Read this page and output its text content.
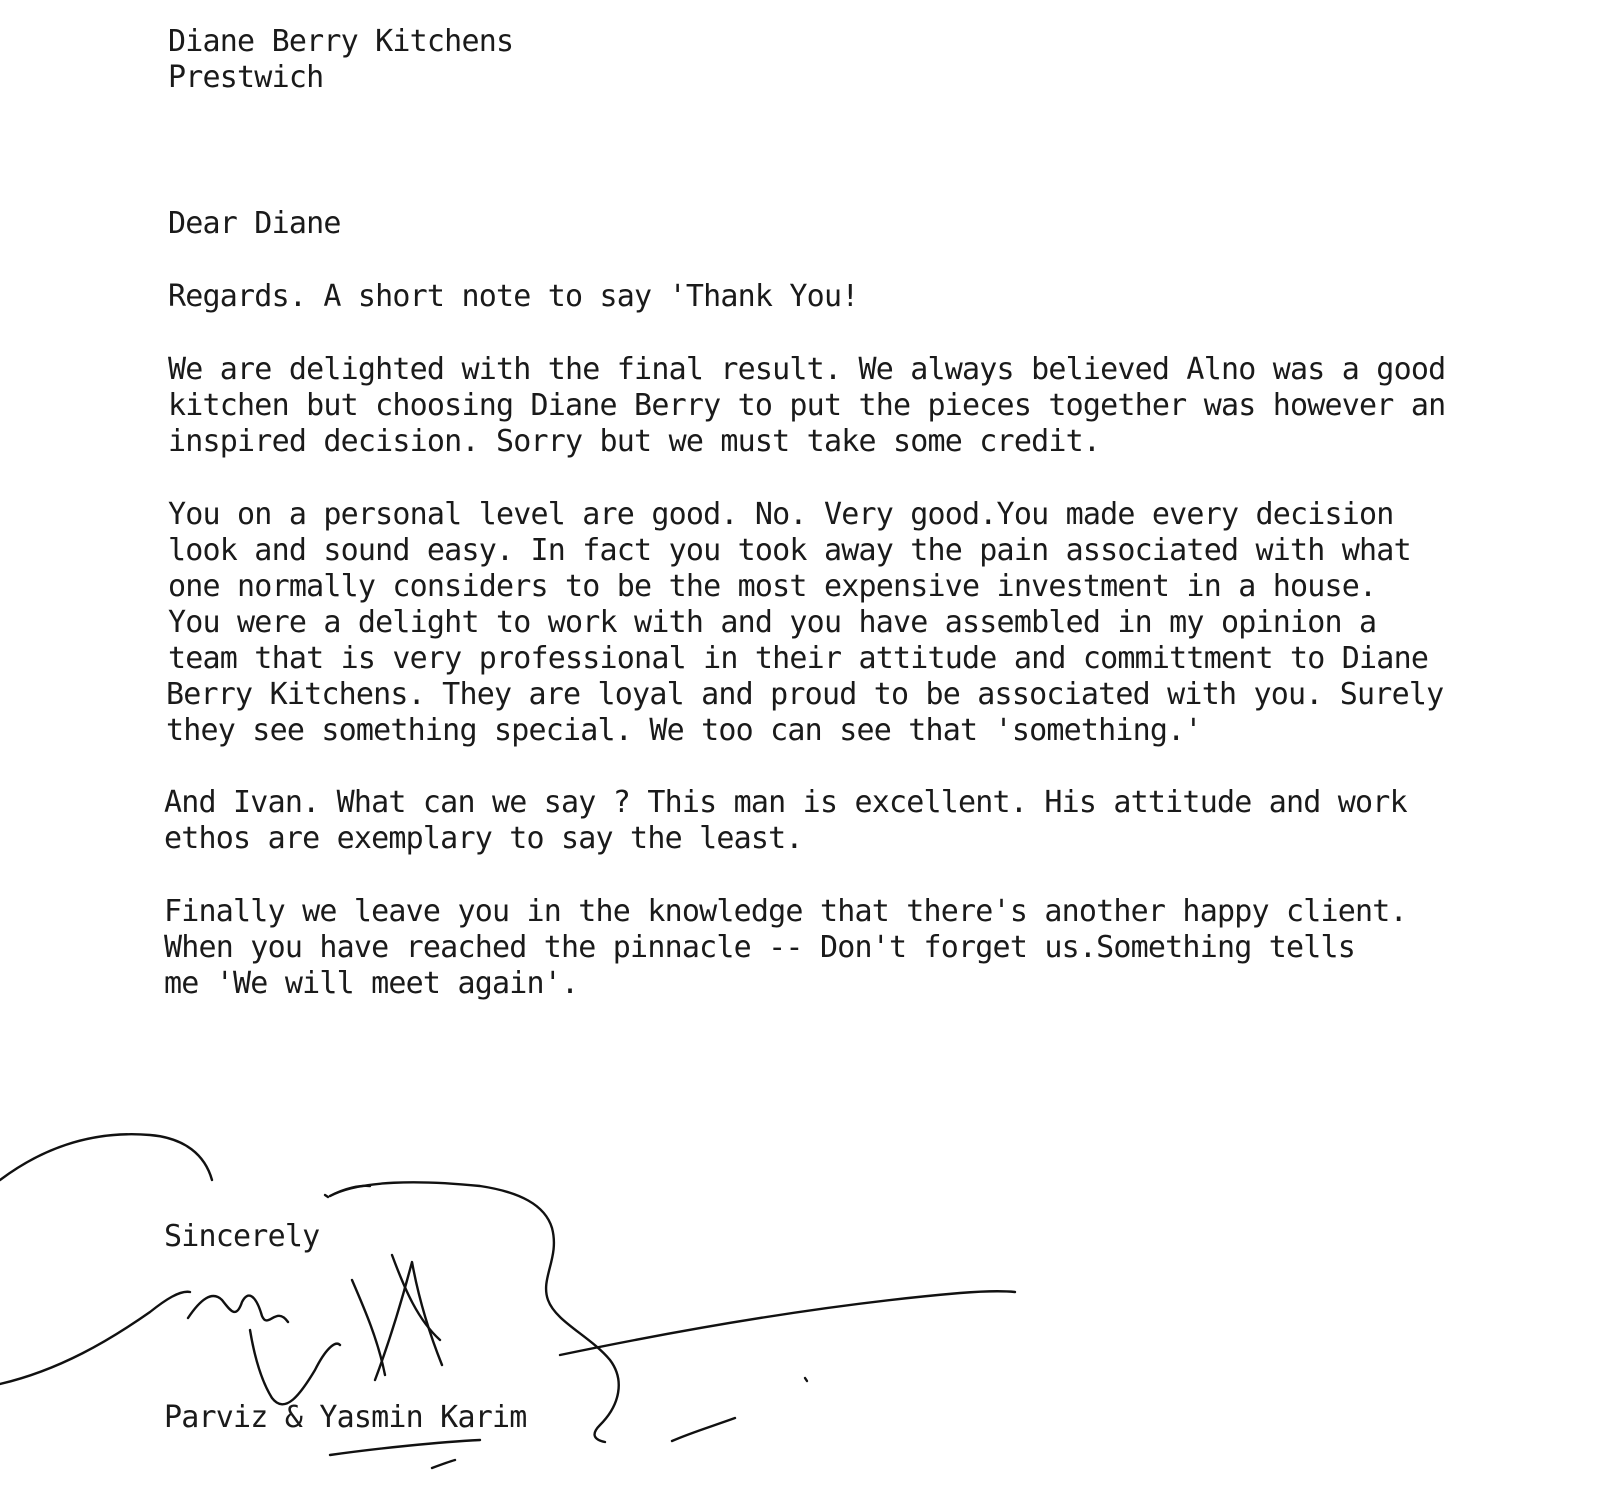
Diane Berry Kitchens
Prestwich
Dear Diane
Regards. A short note to say 'Thank You!
We are delighted with the final result. We always believed Alno was a good
kitchen but choosing Diane Berry to put the pieces together was however an
inspired decision. Sorry but we must take some credit.
You on a personal level are good. No. Very good.You made every decision
look and sound easy. In fact you took away the pain associated with what
one normally considers to be the most expensive investment in a house.
You were a delight to work with and you have assembled in my opinion a
team that is very professional in their attitude and committment to Diane
Berry Kitchens. They are loyal and proud to be associated with you. Surely
they see something special. We too can see that 'something.'
And Ivan. What can we say ? This man is excellent. His attitude and work
ethos are exemplary to say the least.
Finally we leave you in the knowledge that there's another happy client.
When you have reached the pinnacle -- Don't forget us.Something tells
me 'We will meet again'.
Sincerely
Parviz & Yasmin Karim
